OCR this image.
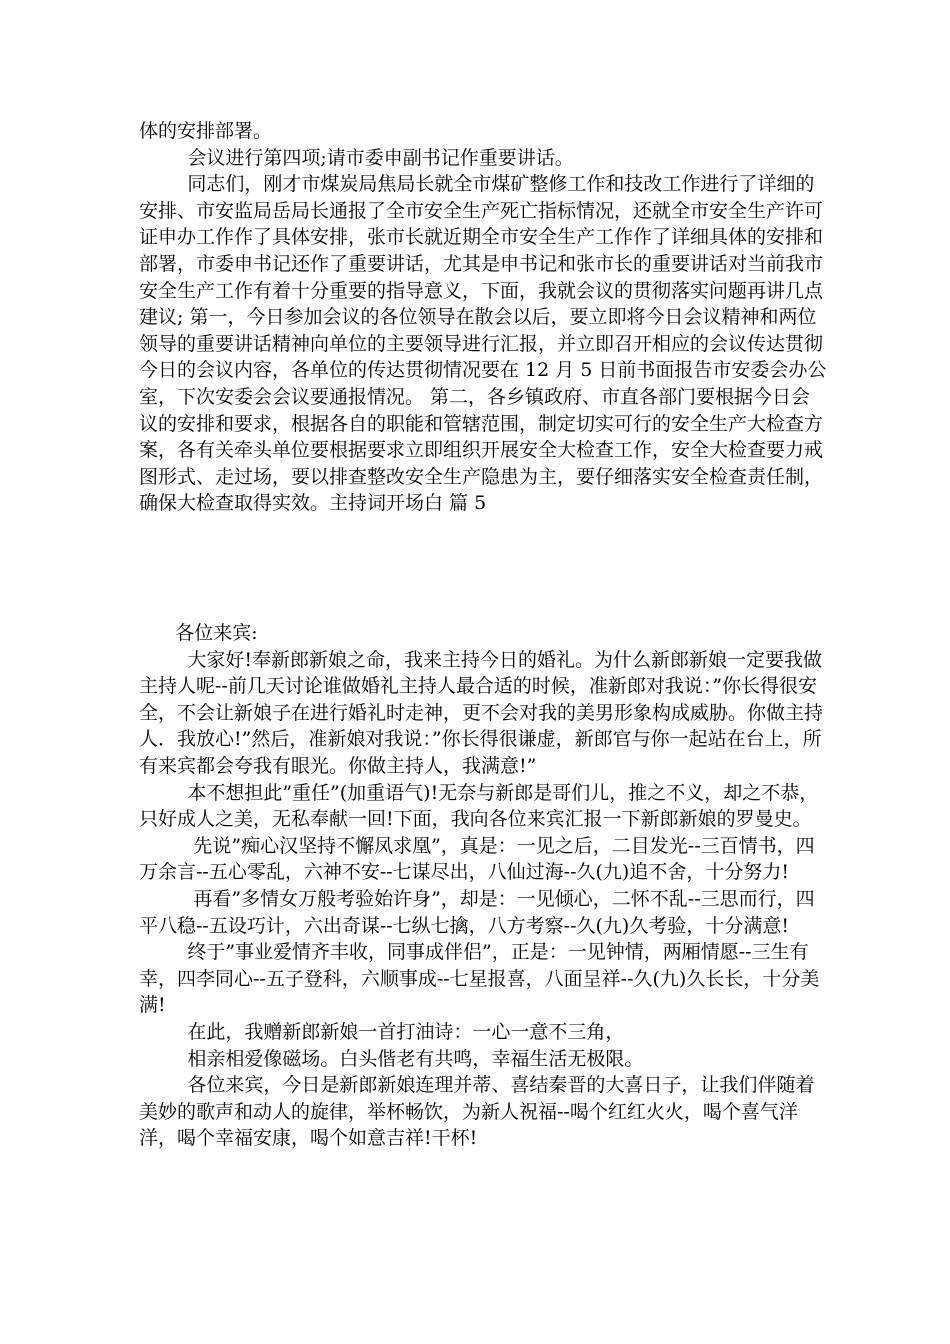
体的安排部署。
会议进行第四项;请市委申副书记作重要讲话。
同志们，刚才市煤炭局焦局长就全市煤矿整修工作和技改工作进行了详细的安排、市安监局岳局长通报了全市安全生产死亡指标情况，还就全市安全生产许可证申办工作作了具体安排，张市长就近期全市安全生产工作作了详细具体的安排和部署，市委申书记还作了重要讲话，尤其是申书记和张市长的重要讲话对当前我市安全生产工作有着十分重要的指导意义，下面，我就会议的贯彻落实问题再讲几点建议; 第一，今日参加会议的各位领导在散会以后，要立即将今日会议精神和两位领导的重要讲话精神向单位的主要领导进行汇报，并立即召开相应的会议传达贯彻今日的会议内容，各单位的传达贯彻情况要在 12 月 5 日前书面报告市安委会办公室，下次安委会会议要通报情况。 第二，各乡镇政府、市直各部门要根据今日会议的安排和要求，根据各自的职能和管辖范围，制定切实可行的安全生产大检查方案，各有关牵头单位要根据要求立即组织开展安全大检查工作，安全大检查要力戒图形式、走过场，要以排查整改安全生产隐患为主，要仔细落实安全检查责任制，确保大检查取得实效。主持词开场白 篇 5

各位来宾:
大家好!奉新郎新娘之命，我来主持今日的婚礼。为什么新郎新娘一定要我做主持人呢--前几天讨论谁做婚礼主持人最合适的时候，准新郎对我说：”你长得很安全，不会让新娘子在进行婚礼时走神，更不会对我的美男形象构成威胁。你做主持人．我放心!”然后，准新娘对我说：”你长得很谦虚，新郎官与你一起站在台上，所有来宾都会夸我有眼光。你做主持人，我满意!”
本不想担此”重任”(加重语气)!无奈与新郎是哥们儿，推之不义，却之不恭，只好成人之美，无私奉献一回!下面，我向各位来宾汇报一下新郎新娘的罗曼史。
先说”痴心汉坚持不懈凤求凰”，真是：一见之后，二目发光--三百情书，四万余言--五心零乱，六神不安--七谋尽出，八仙过海--久(九)追不舍，十分努力!
再看”多情女万般考验始许身”，却是：一见倾心，二怀不乱--三思而行，四平八稳--五设巧计，六出奇谋--七纵七擒，八方考察--久(九)久考验，十分满意!
终于”事业爱情齐丰收，同事成伴侣”，正是：一见钟情，两厢情愿--三生有幸，四李同心--五子登科，六顺事成--七星报喜，八面呈祥--久(九)久长长，十分美满!
在此，我赠新郎新娘一首打油诗：一心一意不三角，
相亲相爱像磁场。白头偕老有共鸣，幸福生活无极限。
各位来宾，今日是新郎新娘连理并蒂、喜结秦晋的大喜日子，让我们伴随着美妙的歌声和动人的旋律，举杯畅饮，为新人祝福--喝个红红火火，喝个喜气洋洋，喝个幸福安康，喝个如意吉祥!干杯!
